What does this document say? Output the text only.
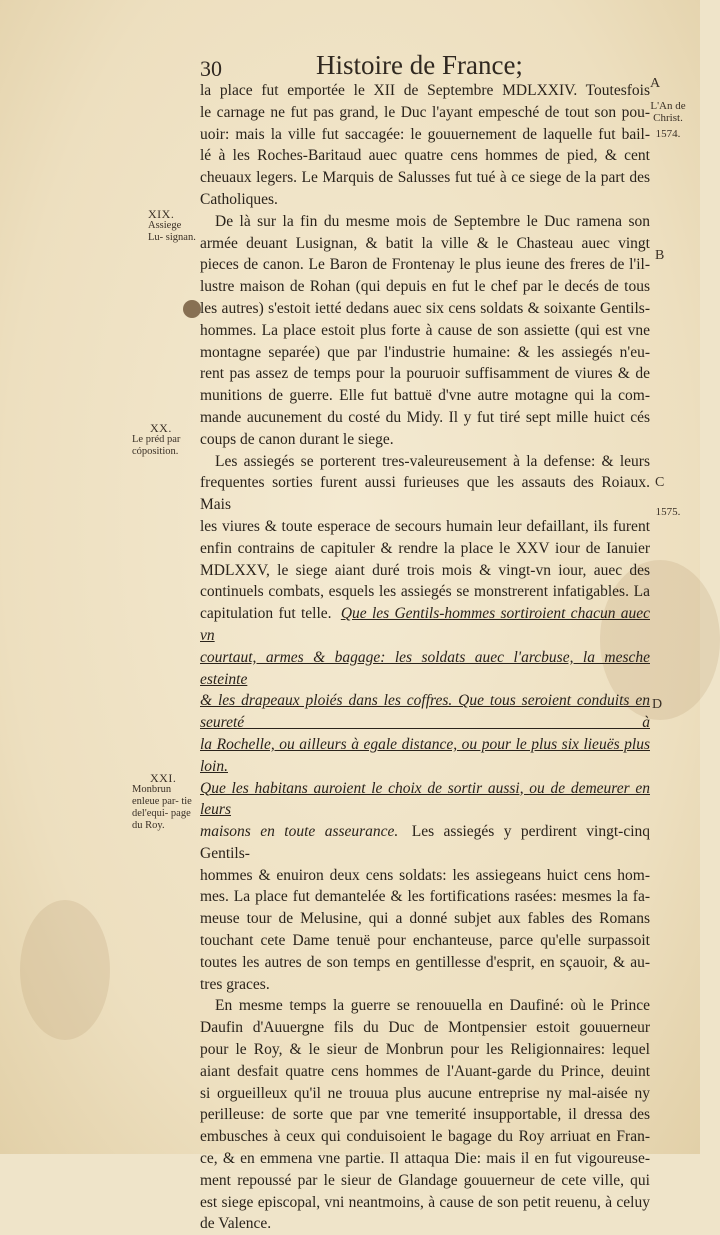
30	Histoire de France;
XIX.
Assiege Lu- signan.
XX.
Le préd par cóposition.
XXI.
Monbrun enleue par- tie del'equi- page du Roy.
A
L'An de Christ.
1574.
B
C
1575.
D
la place fut emportée le XII de Septembre MDLXXIV. Toutesfois
le carnage ne fut pas grand, le Duc l'ayant empesché de tout son pou-
uoir: mais la ville fut saccagée: le gouuernement de laquelle fut bail-
lé à les Roches-Baritaud auec quatre cens hommes de pied, & cent
cheuaux legers. Le Marquis de Salusses fut tué à ce siege de la part des
Catholiques.
De là sur la fin du mesme mois de Septembre le Duc ramena son
armée deuant Lusignan, & batit la ville & le Chasteau auec vingt
pieces de canon. Le Baron de Frontenay le plus ieune des freres de l'il-
lustre maison de Rohan (qui depuis en fut le chef par le decés de tous
les autres) s'estoit ietté dedans auec six cens soldats & soixante Gentils-
hommes. La place estoit plus forte à cause de son assiette (qui est vne
montagne separée) que par l'industrie humaine: & les assiegés n'eu-
rent pas assez de temps pour la pouruoir suffisamment de viures & de
munitions de guerre. Elle fut battuë d'vne autre motagne qui la com-
mande aucunement du costé du Midy. Il y fut tiré sept mille huict cés
coups de canon durant le siege.
Les assiegés se porterent tres-valeureusement à la defense: & leurs
frequentes sorties furent aussi furieuses que les assauts des Roiaux. Mais
les viures & toute esperace de secours humain leur defaillant, ils furent
enfin contrains de capituler & rendre la place le XXV iour de Ianuier
MDLXXV, le siege aiant duré trois mois & vingt-vn iour, auec des
continuels combats, esquels les assiegés se monstrerent infatigables. La
capitulation fut telle. Que les Gentils-hommes sortiroient chacun auec vn
courtaut, armes & bagage: les soldats auec l'arcbuse, la mesche esteinte
& les drapeaux ploiés dans les coffres. Que tous seroient conduits en seureté à
la Rochelle, ou ailleurs à egale distance, ou pour le plus six lieuës plus loin.
Que les habitans auroient le choix de sortir aussi, ou de demeurer en leurs
maisons en toute asseurance. Les assiegés y perdirent vingt-cinq Gentils-
hommes & enuiron deux cens soldats: les assiegeans huict cens hom-
mes. La place fut demantelée & les fortifications rasées: mesmes la fa-
meuse tour de Melusine, qui a donné subjet aux fables des Romans
touchant cete Dame tenuë pour enchanteuse, parce qu'elle surpassoit
toutes les autres de son temps en gentillesse d'esprit, en sçauoir, & au-
tres graces.
En mesme temps la guerre se renouuella en Daufiné: où le Prince
Daufin d'Auuergne fils du Duc de Montpensier estoit gouuerneur
pour le Roy, & le sieur de Monbrun pour les Religionnaires: lequel
aiant desfait quatre cens hommes de l'Auant-garde du Prince, deuint
si orgueilleux qu'il ne trouua plus aucune entreprise ny mal-aisée ny
perilleuse: de sorte que par vne temerité insupportable, il dressa des
embusches à ceux qui conduisoient le bagage du Roy arriuat en Fran-
ce, & en emmena vne partie. Il attaqua Die: mais il en fut vigoureuse-
ment repoussé par le sieur de Glandage gouuerneur de cete ville, qui
est siege episcopal, vni neantmoins, à cause de son petit reuenu, à celuy
de Valence.
